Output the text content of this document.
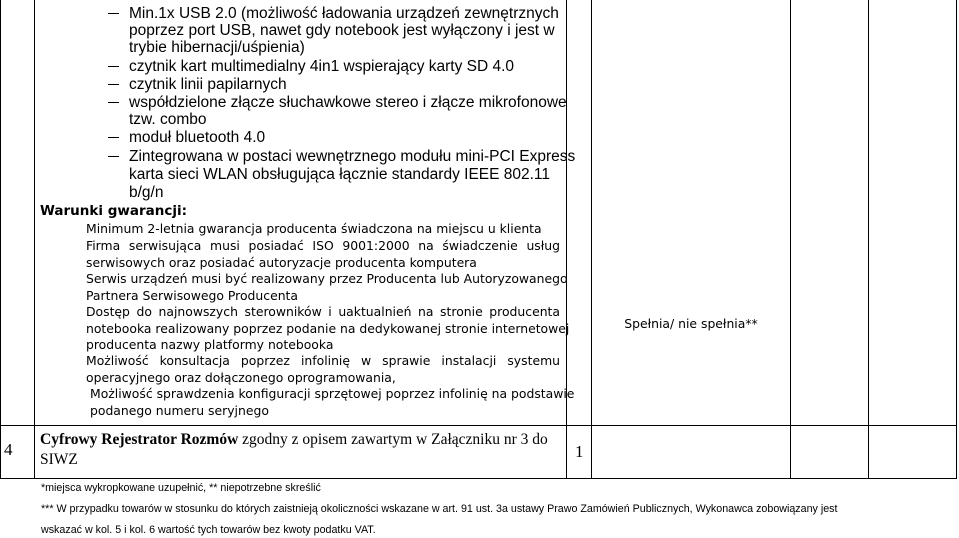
Min.1x USB 2.0 (możliwość ładowania urządzeń zewnętrznych
poprzez port USB, nawet gdy notebook jest wyłączony i jest w
trybie hibernacji/uśpienia)
czytnik kart multimedialny 4in1 wspierający karty SD 4.0
czytnik linii papilarnych
współdzielone złącze słuchawkowe stereo i złącze mikrofonowe
tzw. combo
moduł bluetooth 4.0
Zintegrowana w postaci wewnętrznego modułu mini-PCI Express
karta sieci WLAN obsługująca łącznie standardy IEEE 802.11
b/g/n
Warunki gwarancji:
Minimum 2-letnia gwarancja producenta świadczona na miejscu u klienta
Firma serwisująca musi posiadać ISO 9001:2000 na świadczenie usług
serwisowych oraz posiadać autoryzacje producenta komputera
Serwis urządzeń musi być realizowany przez Producenta lub Autoryzowanego
Partnera Serwisowego Producenta
Dostęp do najnowszych sterowników i uaktualnień na stronie producenta
notebooka realizowany poprzez podanie na dedykowanej stronie internetowej
producenta nazwy platformy notebooka
Możliwość konsultacja poprzez infolinię w sprawie instalacji systemu
operacyjnego oraz dołączonego oprogramowania,
Możliwość sprawdzenia konfiguracji sprzętowej poprzez infolinię na podstawie
podanego numeru seryjnego
Spełnia/ nie spełnia**
4
Cyfrowy Rejestrator Rozmów zgodny z opisem zawartym w Załączniku nr 3 do
SIWZ	1
*miejsca wykropkowane uzupełnić, ** niepotrzebne skreślić
*** W przypadku towarów w stosunku do których zaistnieją okoliczności wskazane w art. 91 ust. 3a ustawy Prawo Zamówień Publicznych, Wykonawca zobowiązany jest
wskazać w kol. 5 i kol. 6 wartość tych towarów bez kwoty podatku VAT.
